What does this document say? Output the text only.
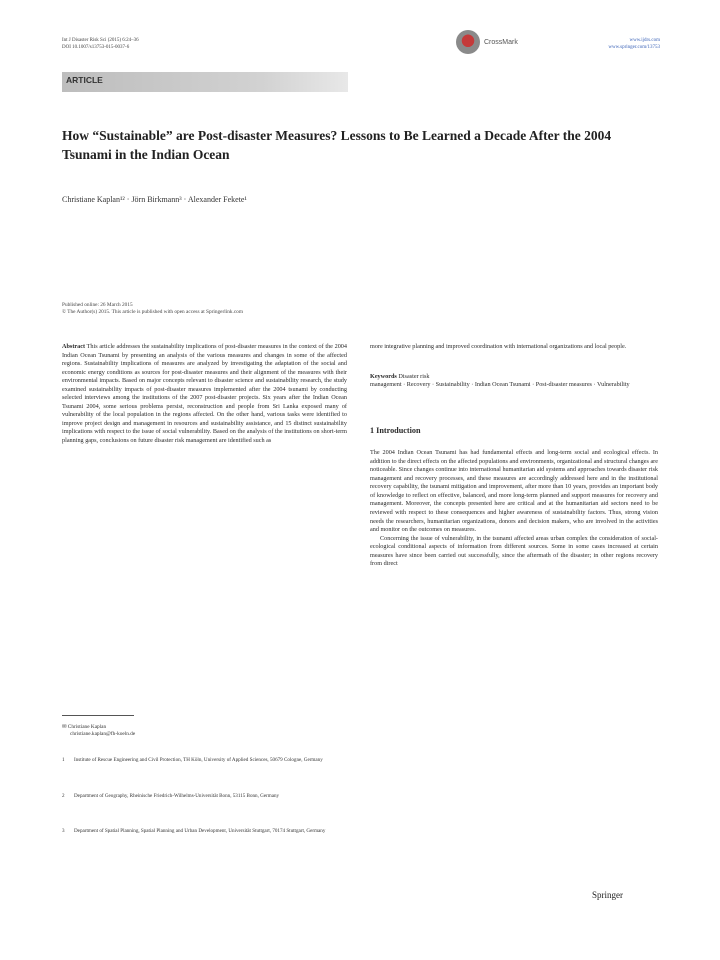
Int J Disaster Risk Sci (2015) 6:24–36
DOI 10.1007/s13753-015-0037-6
CrossMark	www.ijdrs.com
www.springer.com/13753
ARTICLE
How “Sustainable” are Post-disaster Measures? Lessons to Be Learned a Decade After the 2004 Tsunami in the Indian Ocean
Christiane Kaplan¹² · Jörn Birkmann³ · Alexander Fekete¹
Published online: 26 March 2015
© The Author(s) 2015. This article is published with open access at Springerlink.com

Abstract This article addresses the sustainability implications of post-disaster measures in the context of the 2004 Indian Ocean Tsunami by presenting an analysis of the various measures and changes in some of the affected regions. Sustainability implications of measures are analyzed by investigating the adaptation of the social and economic energy conditions as sources for post-disaster measures and their alignment of the measures with their environmental impacts. Based on major concepts relevant to disaster science and sustainability research, the study examined sustainability impacts of post-disaster measures implemented after the 2004 tsunami by conducting selected interviews among the institutions of the 2007 post-disaster projects. Six years after the Indian Ocean Tsunami 2004, some serious problems persist, reconstruction and people from Sri Lanka exposed many of vulnerability of the local population in the regions affected. On the other hand, various tasks were identified to improve project design and management in resources and sustainability assistance, and 15 distinct sustainability implications with respect to the issue of social vulnerability. Based on the analysis of the institutions on short-term planning gaps, conclusions on future disaster risk management are identified such as

more integrative planning and improved coordination with international organizations and local people.

Keywords Disaster risk

management · Recovery · Sustainability · Indian Ocean Tsunami · Post-disaster measures · Vulnerability

1 Introduction

The 2004 Indian Ocean Tsunami has had fundamental effects and long-term social and ecological effects. In addition to the direct effects on the affected populations and environments, organizational and structural changes are noticeable. Since changes continue into international humanitarian aid systems and approaches towards disaster risk management and recovery processes, and these measures are accordingly addressed here and in the institutional recovery capability, the tsunami mitigation and improvement, after more than 10 years, provides an important body of knowledge to reflect on effective, balanced, and more long-term planned and support measures for recovery and management. Moreover, the concepts presented here are critical and at the humanitarian aid sectors need to be reviewed with respect to these consequences and higher awareness of sustainability factors. Thus, strong vision needs the researchers, humanitarian organizations, donors and decision makers, who are involved in the activities and monitor on the outcomes on measures.

Concerning the issue of vulnerability, in the tsunami affected areas urban complex the consideration of social-ecological conditional aspects of information from different sources. Some in some cases increased at certain measures have since been carried out successfully, since the aftermath of the disaster; in other regions recovery from direct

✉ Christiane Kaplan
christiane.kaplan@fh-koeln.de
1	Institute of Rescue Engineering and Civil Protection, TH Köln, University of Applied Sciences, 50679 Cologne, Germany
2	Department of Geography, Rheinische Friedrich-Wilhelms-Universität Bonn, 53115 Bonn, Germany
3	Department of Spatial Planning, Spatial Planning and Urban Development, Universität Stuttgart, 70174 Stuttgart, Germany
Springer
